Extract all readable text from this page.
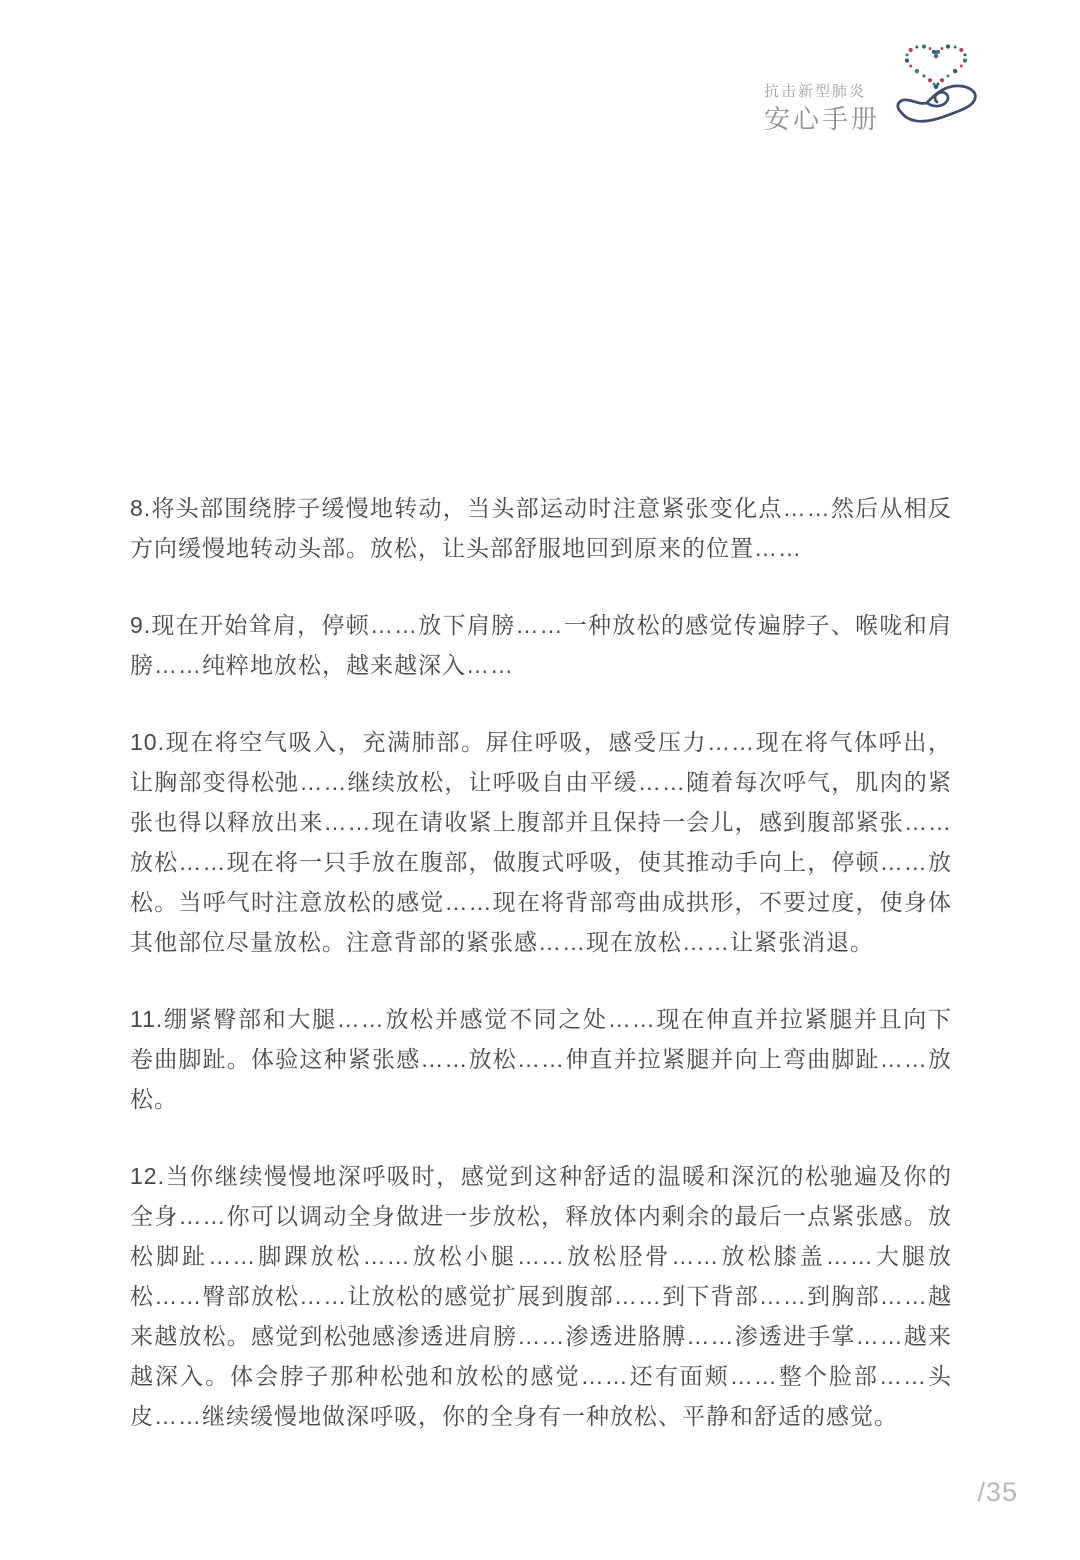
抗击新型肺炎
安心手册

8.将头部围绕脖子缓慢地转动，当头部运动时注意紧张变化点……然后从相反方向缓慢地转动头部。放松，让头部舒服地回到原来的位置……

9.现在开始耸肩，停顿……放下肩膀……一种放松的感觉传遍脖子、喉咙和肩膀……纯粹地放松，越来越深入……

10.现在将空气吸入，充满肺部。屏住呼吸，感受压力……现在将气体呼出，让胸部变得松弛……继续放松，让呼吸自由平缓……随着每次呼气，肌肉的紧张也得以释放出来……现在请收紧上腹部并且保持一会儿，感到腹部紧张……放松……现在将一只手放在腹部，做腹式呼吸，使其推动手向上，停顿……放松。当呼气时注意放松的感觉……现在将背部弯曲成拱形，不要过度，使身体其他部位尽量放松。注意背部的紧张感……现在放松……让紧张消退。

11.绷紧臀部和大腿……放松并感觉不同之处……现在伸直并拉紧腿并且向下卷曲脚趾。体验这种紧张感……放松……伸直并拉紧腿并向上弯曲脚趾……放松。

12.当你继续慢慢地深呼吸时，感觉到这种舒适的温暖和深沉的松驰遍及你的全身……你可以调动全身做进一步放松，释放体内剩余的最后一点紧张感。放松脚趾……脚踝放松……放松小腿……放松胫骨……放松膝盖……大腿放松……臀部放松……让放松的感觉扩展到腹部……到下背部……到胸部……越来越放松。感觉到松弛感渗透进肩膀……渗透进胳膊……渗透进手掌……越来越深入。体会脖子那种松弛和放松的感觉……还有面颊……整个脸部……头皮……继续缓慢地做深呼吸，你的全身有一种放松、平静和舒适的感觉。

/35
